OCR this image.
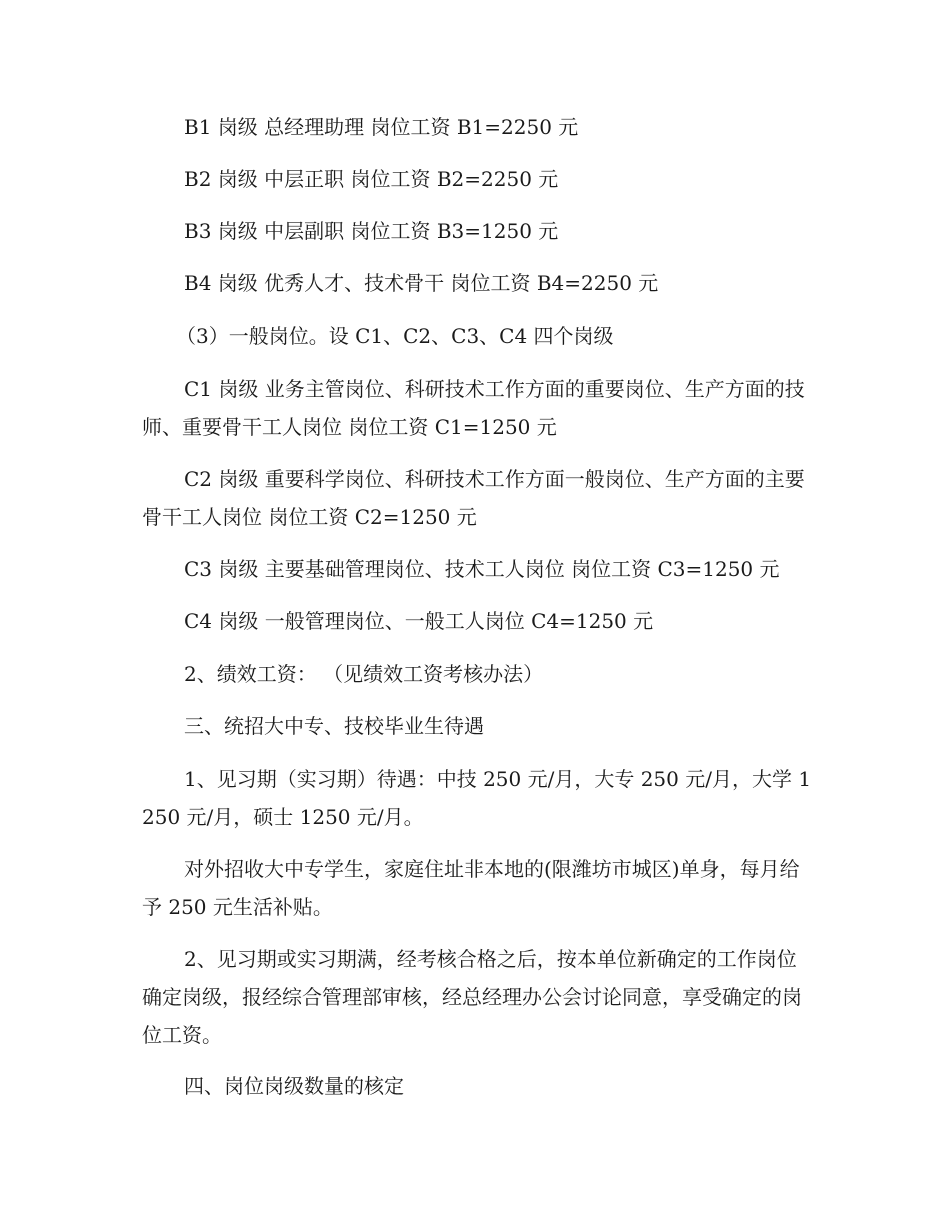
B1 岗级 总经理助理 岗位工资 B1=2250 元

B2 岗级 中层正职 岗位工资 B2=2250 元

B3 岗级 中层副职 岗位工资 B3=1250 元

B4 岗级 优秀人才、技术骨干 岗位工资 B4=2250 元

（3）一般岗位。设 C1、C2、C3、C4 四个岗级

C1 岗级 业务主管岗位、科研技术工作方面的重要岗位、生产方面的技师、重要骨干工人岗位 岗位工资 C1=1250 元

C2 岗级 重要科学岗位、科研技术工作方面一般岗位、生产方面的主要骨干工人岗位 岗位工资 C2=1250 元

C3 岗级 主要基础管理岗位、技术工人岗位 岗位工资 C3=1250 元

C4 岗级 一般管理岗位、一般工人岗位 C4=1250 元

2、绩效工资： （见绩效工资考核办法）

三、统招大中专、技校毕业生待遇

1、见习期（实习期）待遇：中技 250 元/月，大专 250 元/月，大学 1250 元/月，硕士 1250 元/月。

对外招收大中专学生，家庭住址非本地的(限潍坊市城区)单身，每月给予 250 元生活补贴。

2、见习期或实习期满，经考核合格之后，按本单位新确定的工作岗位确定岗级，报经综合管理部审核，经总经理办公会讨论同意，享受确定的岗位工资。

四、岗位岗级数量的核定
